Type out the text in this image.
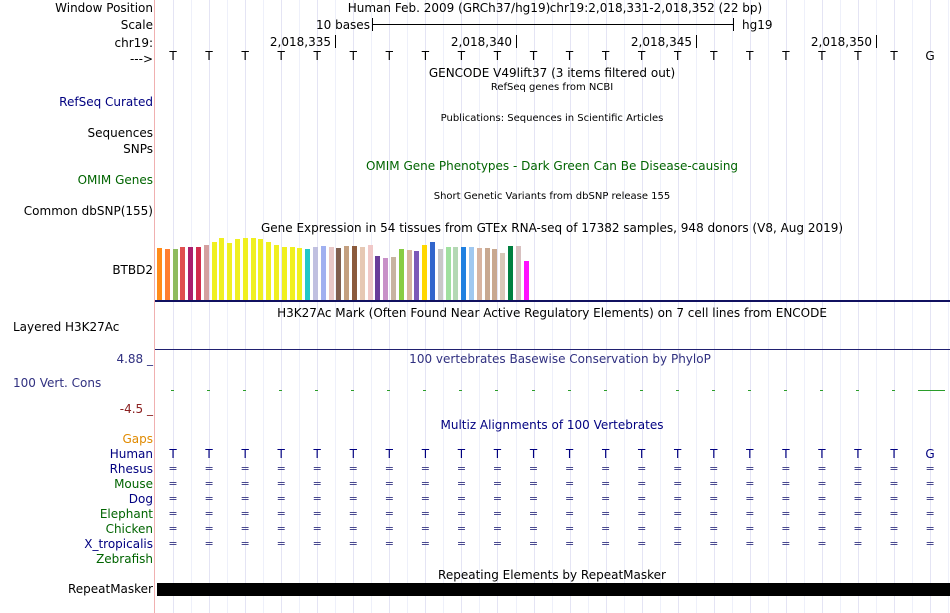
Window Position
Scale
chr19:
--->
RefSeq Curated
Sequences
SNPs
OMIM Genes
Common dbSNP(155)
BTBD2
Layered H3K27Ac
4.88 _
100 Vert. Cons
-4.5 _
Gaps
Human
Rhesus
Mouse
Dog
Elephant
Chicken
X_tropicalis
Zebrafish
RepeatMasker
Human Feb. 2009 (GRCh37/hg19) chr19:2,018,331-2,018,352 (22 bp)
10 bases	hg19
2,018,335	2,018,340	2,018,345	2,018,350
T T T T T T T T T T T T T T T T T T T T T G
GENCODE V49lift37 (3 items filtered out)
RefSeq genes from NCBI
Publications: Sequences in Scientific Articles
OMIM Gene Phenotypes - Dark Green Can Be Disease-causing
Short Genetic Variants from dbSNP release 155
Gene Expression in 54 tissues from GTEx RNA-seq of 17382 samples, 948 donors (V8, Aug 2019)
H3K27Ac Mark (Often Found Near Active Regulatory Elements) on 7 cell lines from ENCODE
100 vertebrates Basewise Conservation by PhyloP
Multiz Alignments of 100 Vertebrates
T T T T T T T T T T T T T T T T T T T T T G
= = = = = = = = = = = = = = = = = = = = = =
= = = = = = = = = = = = = = = = = = = = = =
= = = = = = = = = = = = = = = = = = = = = =
= = = = = = = = = = = = = = = = = = = = = =
= = = = = = = = = = = = = = = = = = = = = =
= = = = = = = = = = = = = = = = = = = = = =
Repeating Elements by RepeatMasker
